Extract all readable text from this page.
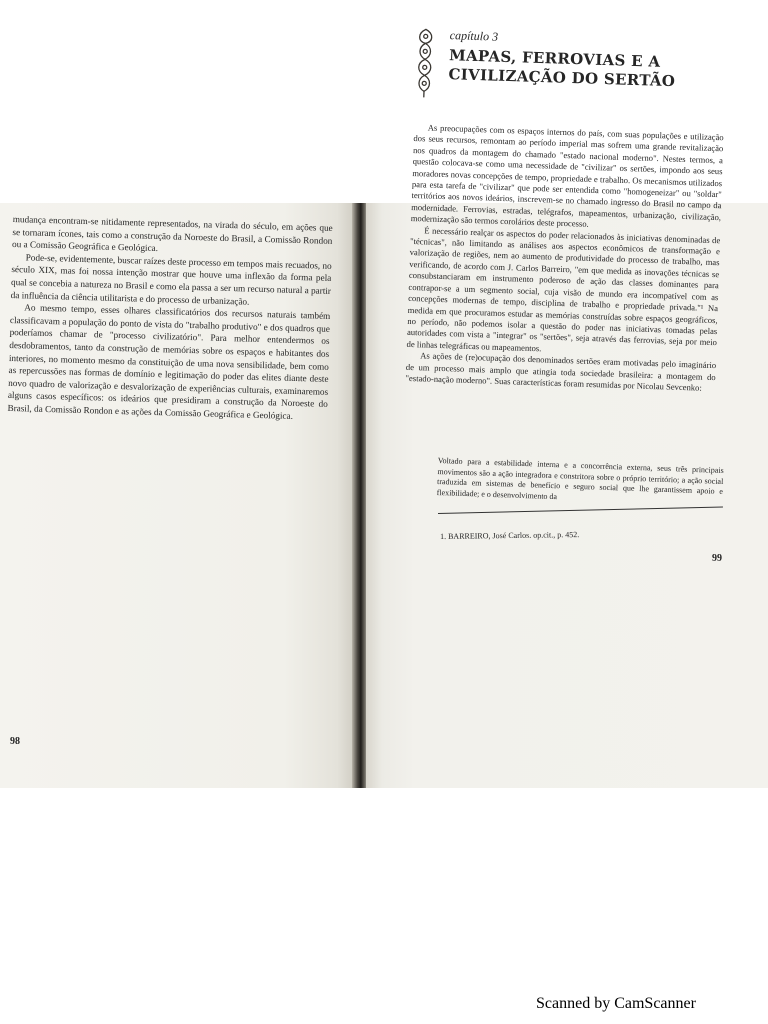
mudança encontram-se nitidamente representados, na virada do século, em ações que se tornaram ícones, tais como a construção da Noroeste do Brasil, a Comissão Rondon ou a Comissão Geográfica e Geológica.

Pode-se, evidentemente, buscar raízes deste processo em tempos mais recuados, no século XIX, mas foi nossa intenção mostrar que houve uma inflexão da forma pela qual se concebia a natureza no Brasil e como ela passa a ser um recurso natural a partir da influência da ciência utilitarista e do processo de urbanização.

Ao mesmo tempo, esses olhares classificatórios dos recursos naturais também classificavam a população do ponto de vista do "trabalho produtivo" e dos quadros que poderíamos chamar de "processo civilizatório". Para melhor entendermos os desdobramentos, tanto da construção de memórias sobre os espaços e habitantes dos interiores, no momento mesmo da constituição de uma nova sensibilidade, bem como as repercussões nas formas de domínio e legitimação do poder das elites diante deste novo quadro de valorização e desvalorização de experiências culturais, examinaremos alguns casos específicos: os ideários que presidiram a construção da Noroeste do Brasil, da Comissão Rondon e as ações da Comissão Geográfica e Geológica.

98
capítulo 3
MAPAS, FERROVIAS E A
CIVILIZAÇÃO DO SERTÃO

As preocupações com os espaços internos do país, com suas populações e utilização dos seus recursos, remontam ao período imperial mas sofrem uma grande revitalização nos quadros da montagem do chamado "estado nacional moderno". Nestes termos, a questão colocava-se como uma necessidade de "civilizar" os sertões, impondo aos seus moradores novas concepções de tempo, propriedade e trabalho. Os mecanismos utilizados para esta tarefa de "civilizar" que pode ser entendida como "homogeneizar" ou "soldar" territórios aos novos ideários, inscrevem-se no chamado ingresso do Brasil no campo da modernidade. Ferrovias, estradas, telégrafos, mapeamentos, urbanização, civilização, modernização são termos corolários deste processo.

É necessário realçar os aspectos do poder relacionados às iniciativas denominadas de "técnicas", não limitando as análises aos aspectos econômicos de transformação e valorização de regiões, nem ao aumento de produtividade do processo de trabalho, mas verificando, de acordo com J. Carlos Barreiro, "em que medida as inovações técnicas se consubstanciaram em instrumento poderoso de ação das classes dominantes para contrapor-se a um segmento social, cuja visão de mundo era incompatível com as concepções modernas de tempo, disciplina de trabalho e propriedade privada."¹ Na medida em que procuramos estudar as memórias construídas sobre espaços geográficos, no período, não podemos isolar a questão do poder nas iniciativas tomadas pelas autoridades com vista a "integrar" os "sertões", seja através das ferrovias, seja por meio de linhas telegráficas ou mapeamentos.

As ações de (re)ocupação dos denominados sertões eram motivadas pelo imaginário de um processo mais amplo que atingia toda sociedade brasileira: a montagem do "estado-nação moderno". Suas características foram resumidas por Nicolau Sevcenko:

Voltado para a estabilidade interna e a concorrência externa, seus três principais movimentos são a ação integradora e constritora sobre o próprio território; a ação social traduzida em sistemas de benefício e seguro social que lhe garantissem apoio e flexibilidade; e o desenvolvimento da

1. BARREIRO, José Carlos. op.cit., p. 452.
99
Scanned by CamScanner
